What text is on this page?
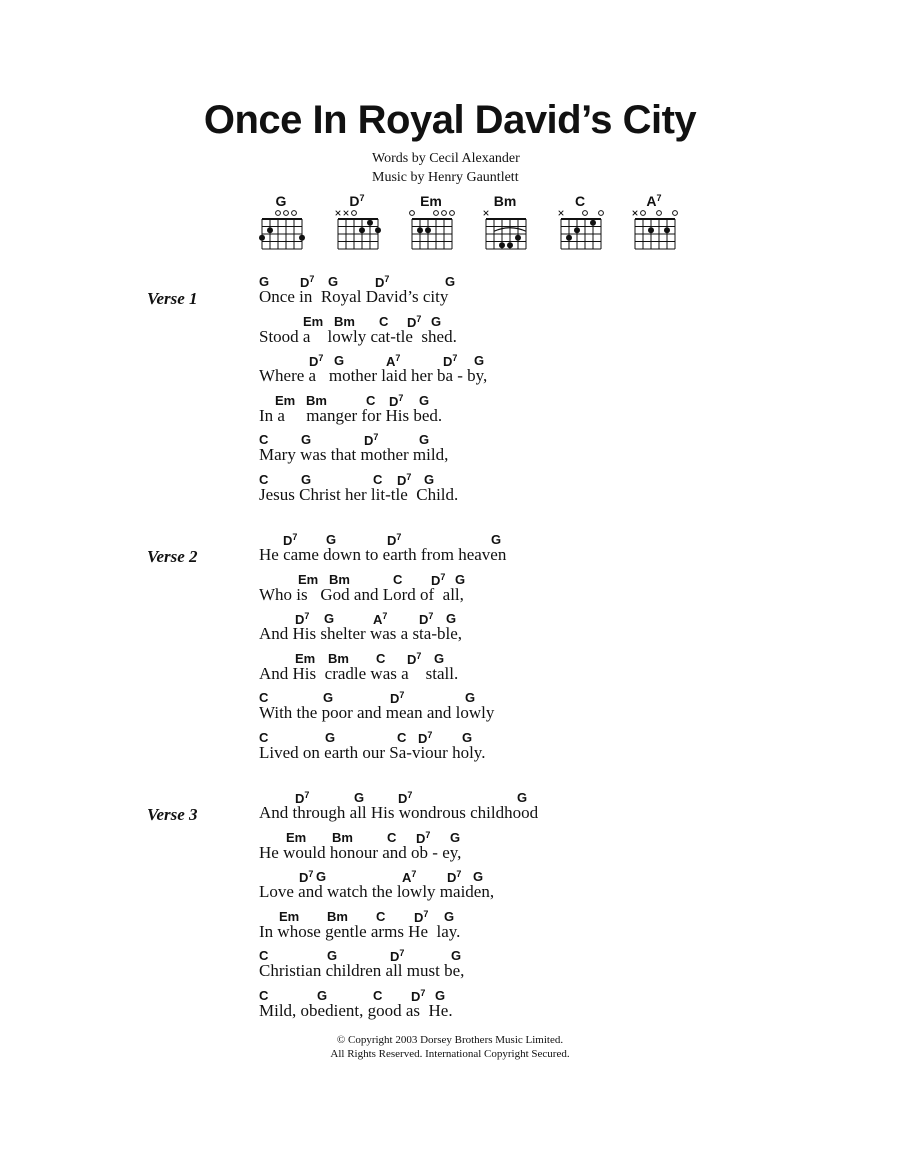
Once In Royal David’s City
Words by Cecil Alexander
Music by Henry Gauntlett
G	$D^7$	Em	Bm	C	$A^7$
Verse 1
G $D^7$ G	$D^7$	G
Once in  Royal David’s city
Em Bm C $D^7$ G
Stood a    lowly cat-tle  shed.
$D^7$ G	$A^7$	$D^7$ G
Where a   mother laid her ba - by,
Em Bm	C $D^7$ G
In a     manger for His bed.
C	G	$D^7$	G
Mary was that mother mild,
C	G	C $D^7$ G
Jesus Christ her lit-tle  Child.
Verse 2
$D^7$ G	$D^7$	G
He came down to earth from heaven
Em Bm	C $D^7$ G
Who is   God and Lord of  all,
$D^7$ G	$A^7$ $D^7$ G
And His shelter was a sta-ble,
Em Bm C $D^7$ G
And His  cradle was a    stall.
C	G	$D^7$	G
With the poor and mean and lowly
C	G	C $D^7$ G
Lived on earth our Sa-viour holy.
Verse 3
$D^7$	G	$D^7$	G
And through all His wondrous childhood
Em Bm	C $D^7$ G
He would honour and ob - ey,
$D^7$ G	$A^7$ $D^7$ G
Love and watch the lowly maiden,
Em Bm C $D^7$ G
In whose gentle arms He  lay.
C	G	$D^7$	G
Christian children all must be,
C	G	C $D^7$ G
Mild, obedient, good as  He.
© Copyright 2003 Dorsey Brothers Music Limited.
All Rights Reserved. International Copyright Secured.
